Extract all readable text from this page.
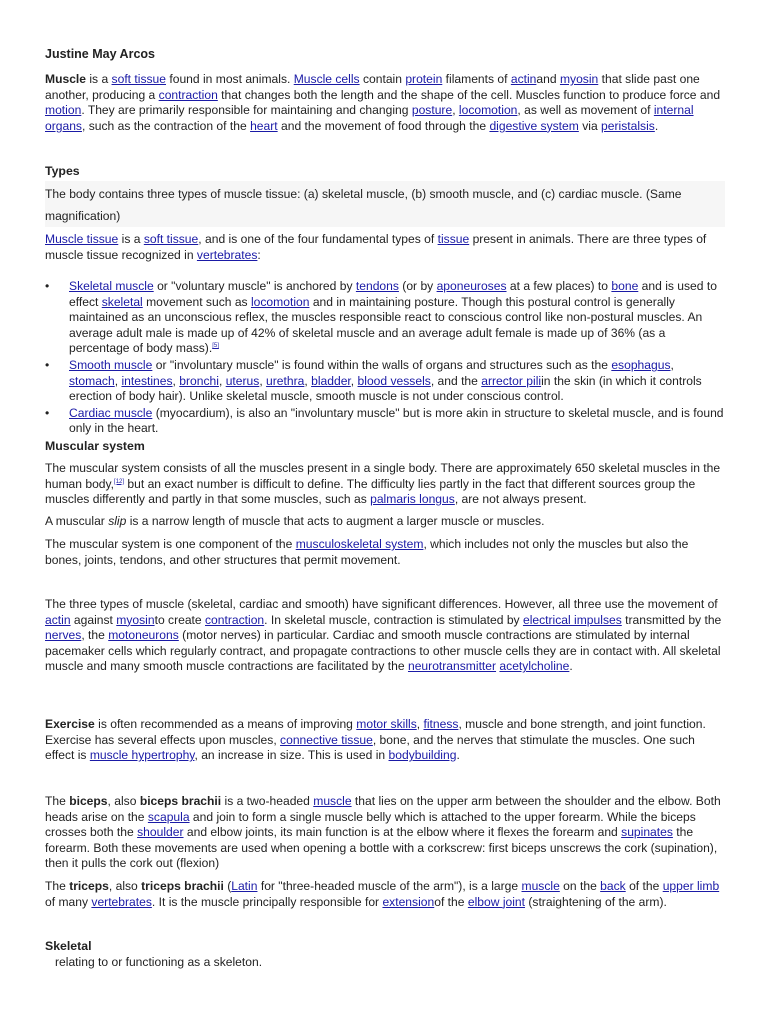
Justine May Arcos

Muscle is a soft tissue found in most animals. Muscle cells contain protein filaments of actinand myosin that slide past one another, producing a contraction that changes both the length and the shape of the cell. Muscles function to produce force and motion. They are primarily responsible for maintaining and changing posture, locomotion, as well as movement of internal organs, such as the contraction of the heart and the movement of food through the digestive system via peristalsis.

Types

The body contains three types of muscle tissue: (a) skeletal muscle, (b) smooth muscle, and (c) cardiac muscle. (Same magnification)

Muscle tissue is a soft tissue, and is one of the four fundamental types of tissue present in animals. There are three types of muscle tissue recognized in vertebrates:

• Skeletal muscle or "voluntary muscle" is anchored by tendons (or by aponeuroses at a few places) to bone and is used to effect skeletal movement such as locomotion and in maintaining posture. Though this postural control is generally maintained as an unconscious reflex, the muscles responsible react to conscious control like non-postural muscles. An average adult male is made up of 42% of skeletal muscle and an average adult female is made up of 36% (as a percentage of body mass).[5]
• Smooth muscle or "involuntary muscle" is found within the walls of organs and structures such as the esophagus, stomach, intestines, bronchi, uterus, urethra, bladder, blood vessels, and the arrector piliin the skin (in which it controls erection of body hair). Unlike skeletal muscle, smooth muscle is not under conscious control.
• Cardiac muscle (myocardium), is also an "involuntary muscle" but is more akin in structure to skeletal muscle, and is found only in the heart.

Muscular system

The muscular system consists of all the muscles present in a single body. There are approximately 650 skeletal muscles in the human body,[12] but an exact number is difficult to define. The difficulty lies partly in the fact that different sources group the muscles differently and partly in that some muscles, such as palmaris longus, are not always present.

A muscular slip is a narrow length of muscle that acts to augment a larger muscle or muscles.

The muscular system is one component of the musculoskeletal system, which includes not only the muscles but also the bones, joints, tendons, and other structures that permit movement.

The three types of muscle (skeletal, cardiac and smooth) have significant differences. However, all three use the movement of actin against myosinto create contraction. In skeletal muscle, contraction is stimulated by electrical impulses transmitted by the nerves, the motoneurons (motor nerves) in particular. Cardiac and smooth muscle contractions are stimulated by internal pacemaker cells which regularly contract, and propagate contractions to other muscle cells they are in contact with. All skeletal muscle and many smooth muscle contractions are facilitated by the neurotransmitter acetylcholine.

Exercise is often recommended as a means of improving motor skills, fitness, muscle and bone strength, and joint function. Exercise has several effects upon muscles, connective tissue, bone, and the nerves that stimulate the muscles. One such effect is muscle hypertrophy, an increase in size. This is used in bodybuilding.

The biceps, also biceps brachii is a two-headed muscle that lies on the upper arm between the shoulder and the elbow. Both heads arise on the scapula and join to form a single muscle belly which is attached to the upper forearm. While the biceps crosses both the shoulder and elbow joints, its main function is at the elbow where it flexes the forearm and supinates the forearm. Both these movements are used when opening a bottle with a corkscrew: first biceps unscrews the cork (supination), then it pulls the cork out (flexion)

The triceps, also triceps brachii (Latin for "three-headed muscle of the arm"), is a large muscle on the back of the upper limb of many vertebrates. It is the muscle principally responsible for extensionof the elbow joint (straightening of the arm).

Skeletal

relating to or functioning as a skeleton.
